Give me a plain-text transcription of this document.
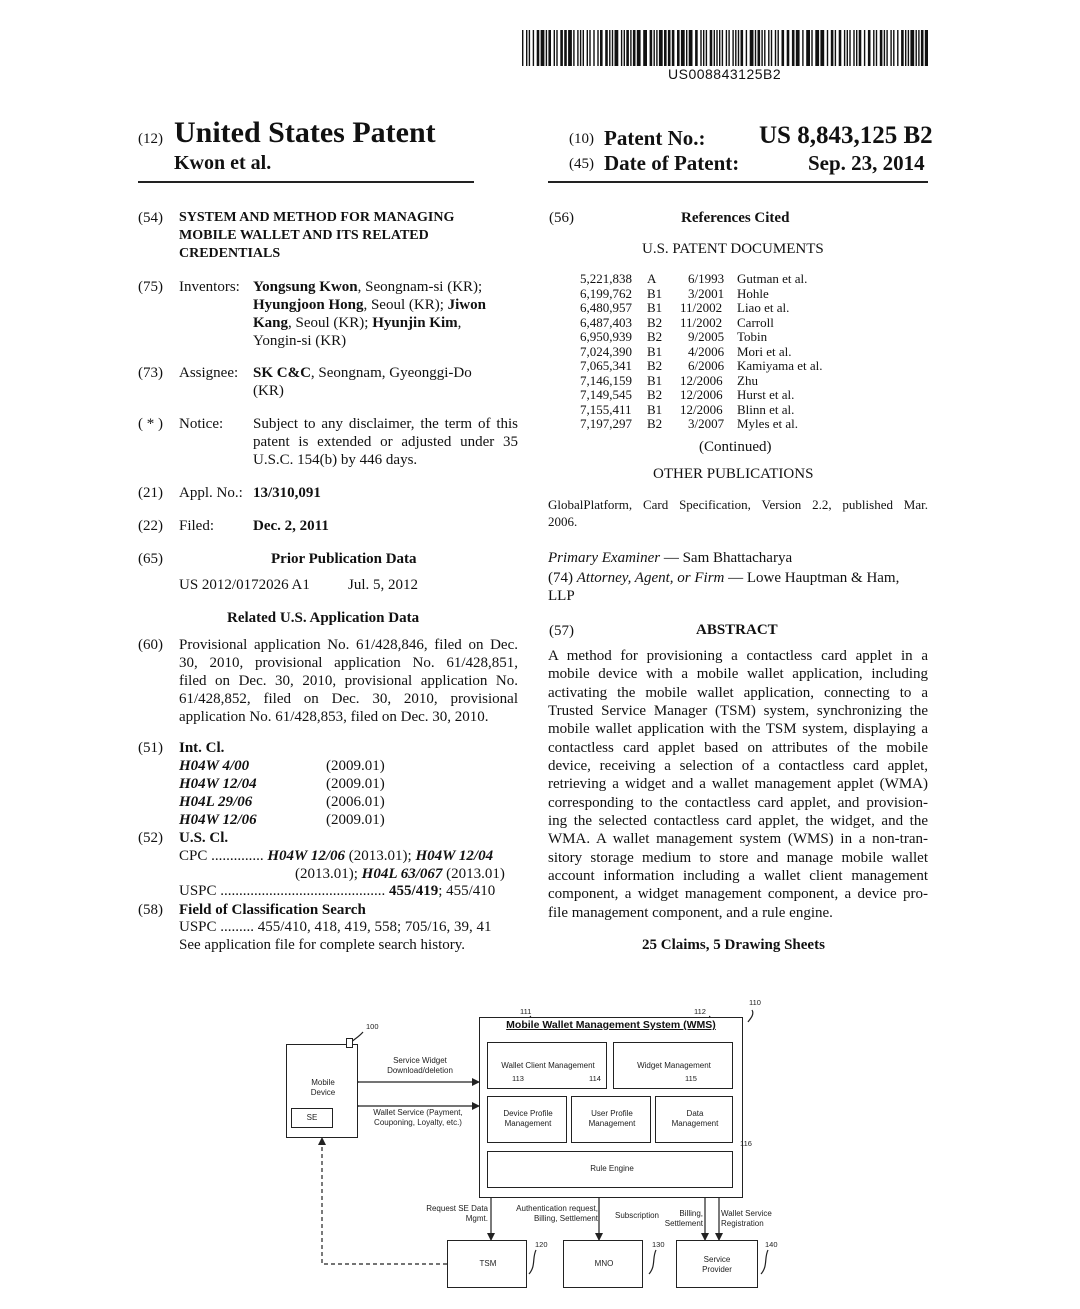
US008843125B2
(12) United States Patent
Kwon et al.
(10) Patent No.: US 8,843,125 B2
(45) Date of Patent:	Sep. 23, 2014
(54) SYSTEM AND METHOD FOR MANAGING
MOBILE WALLET AND ITS RELATED
CREDENTIALS
(75) Inventors: Yongsung Kwon, Seongnam-si (KR);
Hyungjoon Hong, Seoul (KR); Jiwon
Kang, Seoul (KR); Hyunjin Kim,
Yongin-si (KR)
(73) Assignee: SK C&C, Seongnam, Gyeonggi-Do
(KR)
( * ) Notice: Subject to any disclaimer, the term of this
patent is extended or adjusted under 35
U.S.C. 154(b) by 446 days.
(21) Appl. No.: 13/310,091
(22) Filed:	Dec. 2, 2011
(65)	Prior Publication Data
US 2012/0172026 A1	Jul. 5, 2012
Related U.S. Application Data
(60) Provisional application No. 61/428,846, filed on Dec.
30, 2010, provisional application No. 61/428,851,
filed on Dec. 30, 2010, provisional application No.
61/428,852, filed on Dec. 30, 2010, provisional
application No. 61/428,853, filed on Dec. 30, 2010.
(51) Int. Cl.
H04W 4/00	(2009.01)
H04W 12/04	(2009.01)
H04L 29/06	(2006.01)
H04W 12/06	(2009.01)
(52) U.S. Cl.
CPC .............. H04W 12/06 (2013.01); H04W 12/04
(2013.01); H04L 63/067 (2013.01)
USPC ............................................ 455/419; 455/410
(58) Field of Classification Search
USPC ......... 455/410, 418, 419, 558; 705/16, 39, 41
See application file for complete search history.
(56)	References Cited
U.S. PATENT DOCUMENTS
5,221,838 A 6/1993 Gutman et al.
6,199,762 B1 3/2001 Hohle
6,480,957 B1 11/2002 Liao et al.
6,487,403 B2 11/2002 Carroll
6,950,939 B2 9/2005 Tobin
7,024,390 B1 4/2006 Mori et al.
7,065,341 B2 6/2006 Kamiyama et al.
7,146,159 B1 12/2006 Zhu
7,149,545 B2 12/2006 Hurst et al.
7,155,411 B1 12/2006 Blinn et al.
7,197,297 B2 3/2007 Myles et al.
(Continued)
OTHER PUBLICATIONS
GlobalPlatform, Card Specification, Version 2.2, published Mar.
2006.
Primary Examiner — Sam Bhattacharya
(74) Attorney, Agent, or Firm — Lowe Hauptman & Ham,
LLP
(57)	ABSTRACT
A method for provisioning a contactless card applet in a
mobile device with a mobile wallet application, including
activating the mobile wallet application, connecting to a
Trusted Service Manager (TSM) system, synchronizing the
mobile wallet application with the TSM system, displaying a
contactless card applet based on attributes of the mobile
device, receiving a selection of a contactless card applet,
retrieving a widget and a wallet management applet (WMA)
corresponding to the contactless card applet, and provision-
ing the selected contactless card applet, the widget, and the
WMA. A wallet management system (WMS) in a non-tran-
sitory storage medium to store and manage mobile wallet
account information including a wallet client management
component, a widget management component, a device pro-
file management component, and a rule engine.
25 Claims, 5 Drawing Sheets
Mobile Device
SE
100
Service Widget Download/deletion
Wallet Service (Payment, Couponing, Loyalty, etc.)
Mobile Wallet Management System (WMS)
110
111	112
Wallet Client Management
113	114
Widget Management
115
Device Profile Management
User Profile Management
Data Management
116
Rule Engine
Request SE Data Mgmt.
Authentication request, Billing, Settlement	Subscription	Billing, Settlement
Wallet Service Registration
TSM
120
MNO
130
Service Provider
140
